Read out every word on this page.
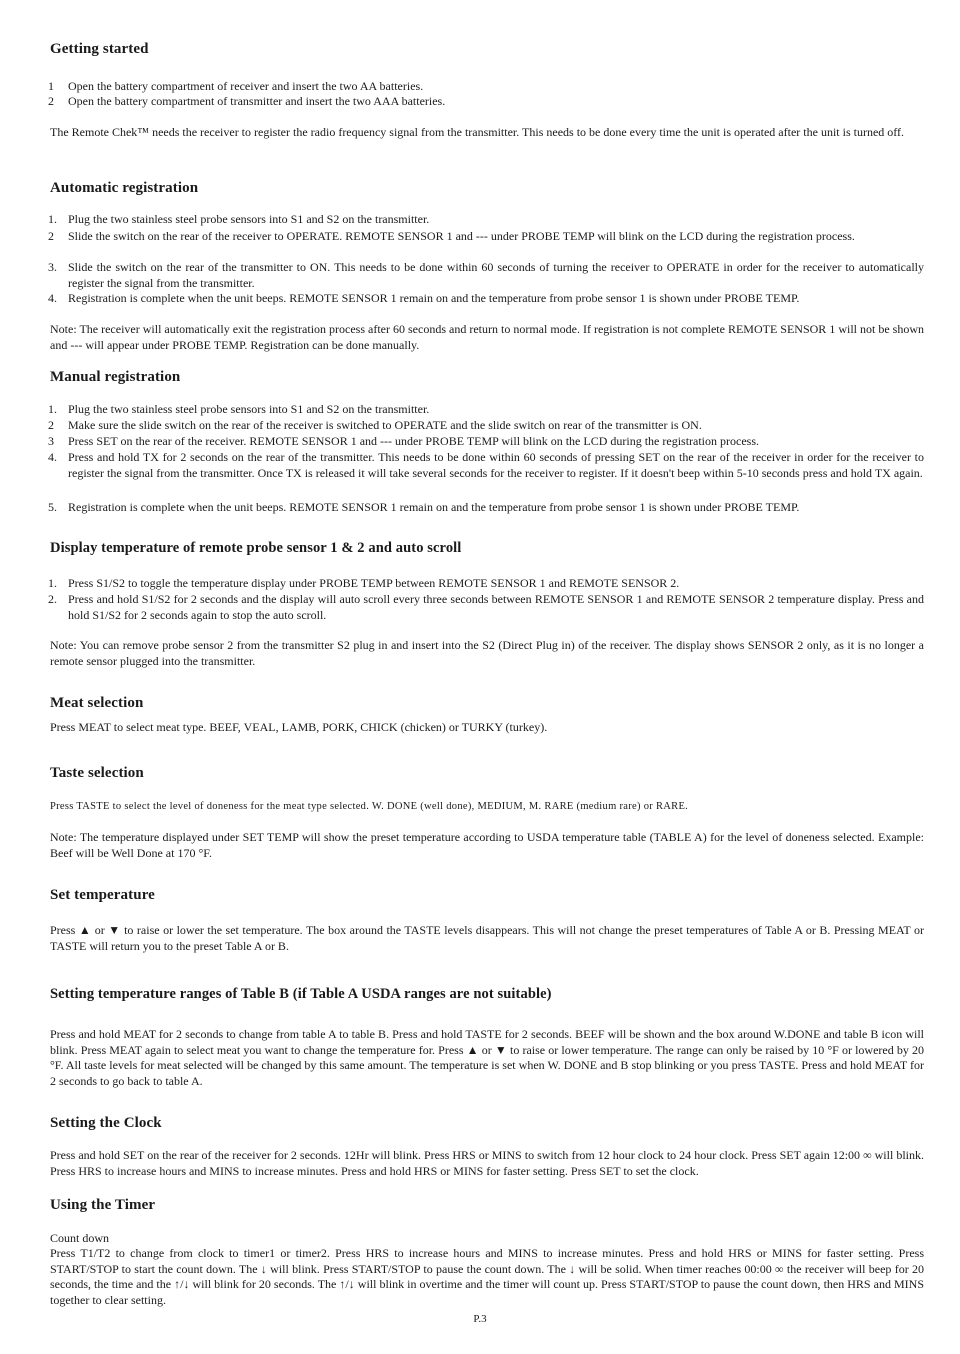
Getting started
1	Open the battery compartment of receiver and insert the two AA batteries.
2	Open the battery compartment of transmitter and insert the two AAA batteries.
The Remote Chek™ needs the receiver to register the radio frequency signal from the transmitter. This needs to be done every time the unit is operated after the unit is turned off.
Automatic registration
1. Plug the two stainless steel probe sensors into S1 and S2 on the transmitter.
2	Slide the switch on the rear of the receiver to OPERATE. REMOTE SENSOR 1 and --- under PROBE TEMP will blink on the LCD during the registration process.
3. Slide the switch on the rear of the transmitter to ON. This needs to be done within 60 seconds of turning the receiver to OPERATE in order for the receiver to automatically register the signal from the transmitter.
4. Registration is complete when the unit beeps. REMOTE SENSOR 1 remain on and the temperature from probe sensor 1 is shown under PROBE TEMP.
Note: The receiver will automatically exit the registration process after 60 seconds and return to normal mode. If registration is not complete REMOTE SENSOR 1 will not be shown and --- will appear under PROBE TEMP. Registration can be done manually.
Manual registration
1. Plug the two stainless steel probe sensors into S1 and S2 on the transmitter.
2	Make sure the slide switch on the rear of the receiver is switched to OPERATE and the slide switch on rear of the transmitter is ON.
3	Press SET on the rear of the receiver. REMOTE SENSOR 1 and --- under PROBE TEMP will blink on the LCD during the registration process.
4. Press and hold TX for 2 seconds on the rear of the transmitter. This needs to be done within 60 seconds of pressing SET on the rear of the receiver in order for the receiver to register the signal from the transmitter. Once TX is released it will take several seconds for the receiver to register. If it doesn't beep within 5-10 seconds press and hold TX again.
5. Registration is complete when the unit beeps. REMOTE SENSOR 1 remain on and the temperature from probe sensor 1 is shown under PROBE TEMP.
Display temperature of remote probe sensor 1 & 2 and auto scroll
1. Press S1/S2 to toggle the temperature display under PROBE TEMP between REMOTE SENSOR 1 and REMOTE SENSOR 2.
2. Press and hold S1/S2 for 2 seconds and the display will auto scroll every three seconds between REMOTE SENSOR 1 and REMOTE SENSOR 2 temperature display. Press and hold S1/S2 for 2 seconds again to stop the auto scroll.
Note: You can remove probe sensor 2 from the transmitter S2 plug in and insert into the S2 (Direct Plug in) of the receiver. The display shows SENSOR 2 only, as it is no longer a remote sensor plugged into the transmitter.
Meat selection
Press MEAT to select meat type. BEEF, VEAL, LAMB, PORK, CHICK (chicken) or TURKY (turkey).
Taste selection
Press TASTE to select the level of doneness for the meat type selected. W. DONE (well done), MEDIUM, M. RARE (medium rare) or RARE.
Note: The temperature displayed under SET TEMP will show the preset temperature according to USDA temperature table (TABLE A) for the level of doneness selected. Example: Beef will be Well Done at 170 °F.
Set temperature
Press ▲ or ▼ to raise or lower the set temperature. The box around the TASTE levels disappears. This will not change the preset temperatures of Table A or B. Pressing MEAT or TASTE will return you to the preset Table A or B.
Setting temperature ranges of Table B (if Table A USDA ranges are not suitable)
Press and hold MEAT for 2 seconds to change from table A to table B. Press and hold TASTE for 2 seconds. BEEF will be shown and the box around W.DONE and table B icon will blink. Press MEAT again to select meat you want to change the temperature for. Press ▲ or ▼ to raise or lower temperature. The range can only be raised by 10 °F or lowered by 20 °F. All taste levels for meat selected will be changed by this same amount. The temperature is set when W. DONE and B stop blinking or you press TASTE. Press and hold MEAT for 2 seconds to go back to table A.
Setting the Clock
Press and hold SET on the rear of the receiver for 2 seconds. 12Hr will blink. Press HRS or MINS to switch from 12 hour clock to 24 hour clock. Press SET again 12:00 ∞ will blink. Press HRS to increase hours and MINS to increase minutes. Press and hold HRS or MINS for faster setting. Press SET to set the clock.
Using the Timer
Count down
Press T1/T2 to change from clock to timer1 or timer2. Press HRS to increase hours and MINS to increase minutes. Press and hold HRS or MINS for faster setting. Press START/STOP to start the count down. The ↓ will blink. Press START/STOP to pause the count down. The ↓ will be solid. When timer reaches 00:00 ∞ the receiver will beep for 20 seconds, the time and the ↑/↓ will blink for 20 seconds. The ↑/↓ will blink in overtime and the timer will count up. Press START/STOP to pause the count down, then HRS and MINS together to clear setting.
P.3
